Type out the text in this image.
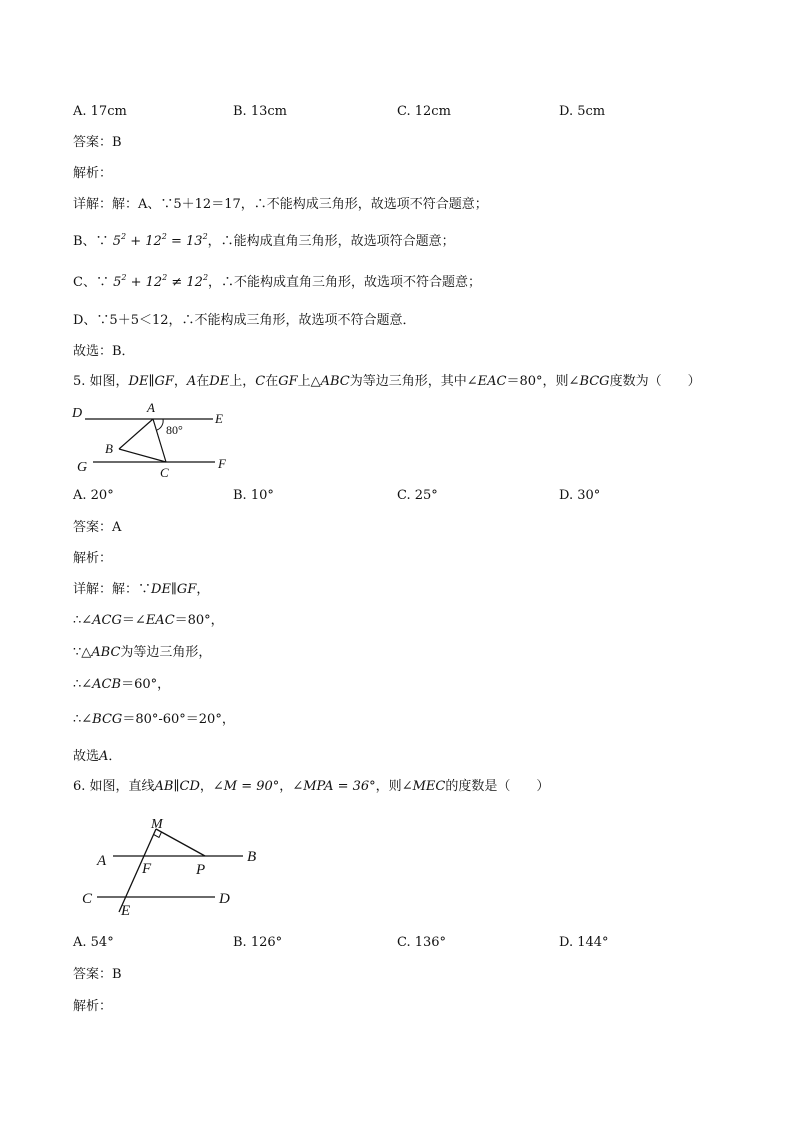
A. 17cm	B. 13cm	C. 12cm	D. 5cm
答案：B
解析：
详解：解：A、∵5＋12＝17，∴不能构成三角形，故选项不符合题意；
B、∵ $5^2 + 12^2 = 13^2$，∴能构成直角三角形，故选项符合题意；
C、∵ $5^2 + 12^2 \ne 12^2$，∴不能构成直角三角形，故选项不符合题意；
D、∵5＋5＜12，∴不能构成三角形，故选项不符合题意．
故选：B．
5. 如图，DE∥GF，A在DE上，C在GF上△ABC为等边三角形，其中∠EAC＝80°，则∠BCG度数为（　　）
D	A
E
80°
B
G	C
F
A. 20°	B. 10°	C. 25°	D. 30°
答案：A
解析：
详解：解：∵DE∥GF，
∴∠ACG＝∠EAC＝80°，
∵△ABC为等边三角形，
∴∠ACB＝60°，
∴∠BCG＝80°-60°＝20°，
故选A．
6. 如图，直线AB∥CD，∠M = 90°，∠MPA = 36°，则∠MEC的度数是（　　）
M
A F	P
B
C	D
E
A. 54°	B. 126°	C. 136°	D. 144°
答案：B
解析：
